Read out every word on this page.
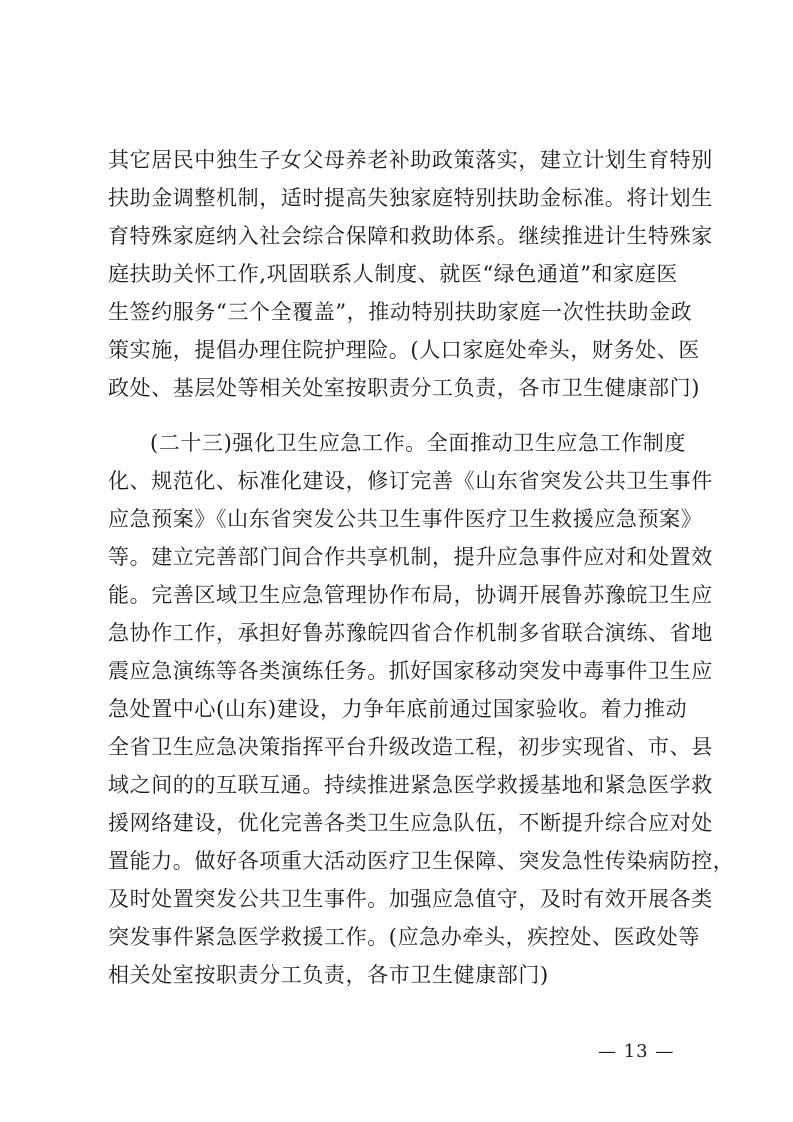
其它居民中独生子女父母养老补助政策落实，建立计划生育特别
扶助金调整机制，适时提高失独家庭特别扶助金标准。将计划生
育特殊家庭纳入社会综合保障和救助体系。继续推进计生特殊家
庭扶助关怀工作,巩固联系人制度、就医“绿色通道”和家庭医
生签约服务“三个全覆盖”，推动特别扶助家庭一次性扶助金政
策实施，提倡办理住院护理险。(人口家庭处牵头，财务处、医
政处、基层处等相关处室按职责分工负责，各市卫生健康部门)
(二十三)强化卫生应急工作。全面推动卫生应急工作制度
化、规范化、标准化建设，修订完善《山东省突发公共卫生事件
应急预案》《山东省突发公共卫生事件医疗卫生救援应急预案》
等。建立完善部门间合作共享机制，提升应急事件应对和处置效
能。完善区域卫生应急管理协作布局，协调开展鲁苏豫皖卫生应
急协作工作，承担好鲁苏豫皖四省合作机制多省联合演练、省地
震应急演练等各类演练任务。抓好国家移动突发中毒事件卫生应
急处置中心(山东)建设，力争年底前通过国家验收。着力推动
全省卫生应急决策指挥平台升级改造工程，初步实现省、市、县
域之间的的互联互通。持续推进紧急医学救援基地和紧急医学救
援网络建设，优化完善各类卫生应急队伍，不断提升综合应对处
置能力。做好各项重大活动医疗卫生保障、突发急性传染病防控，
及时处置突发公共卫生事件。加强应急值守，及时有效开展各类
突发事件紧急医学救援工作。(应急办牵头，疾控处、医政处等
相关处室按职责分工负责，各市卫生健康部门)
— 13 —
